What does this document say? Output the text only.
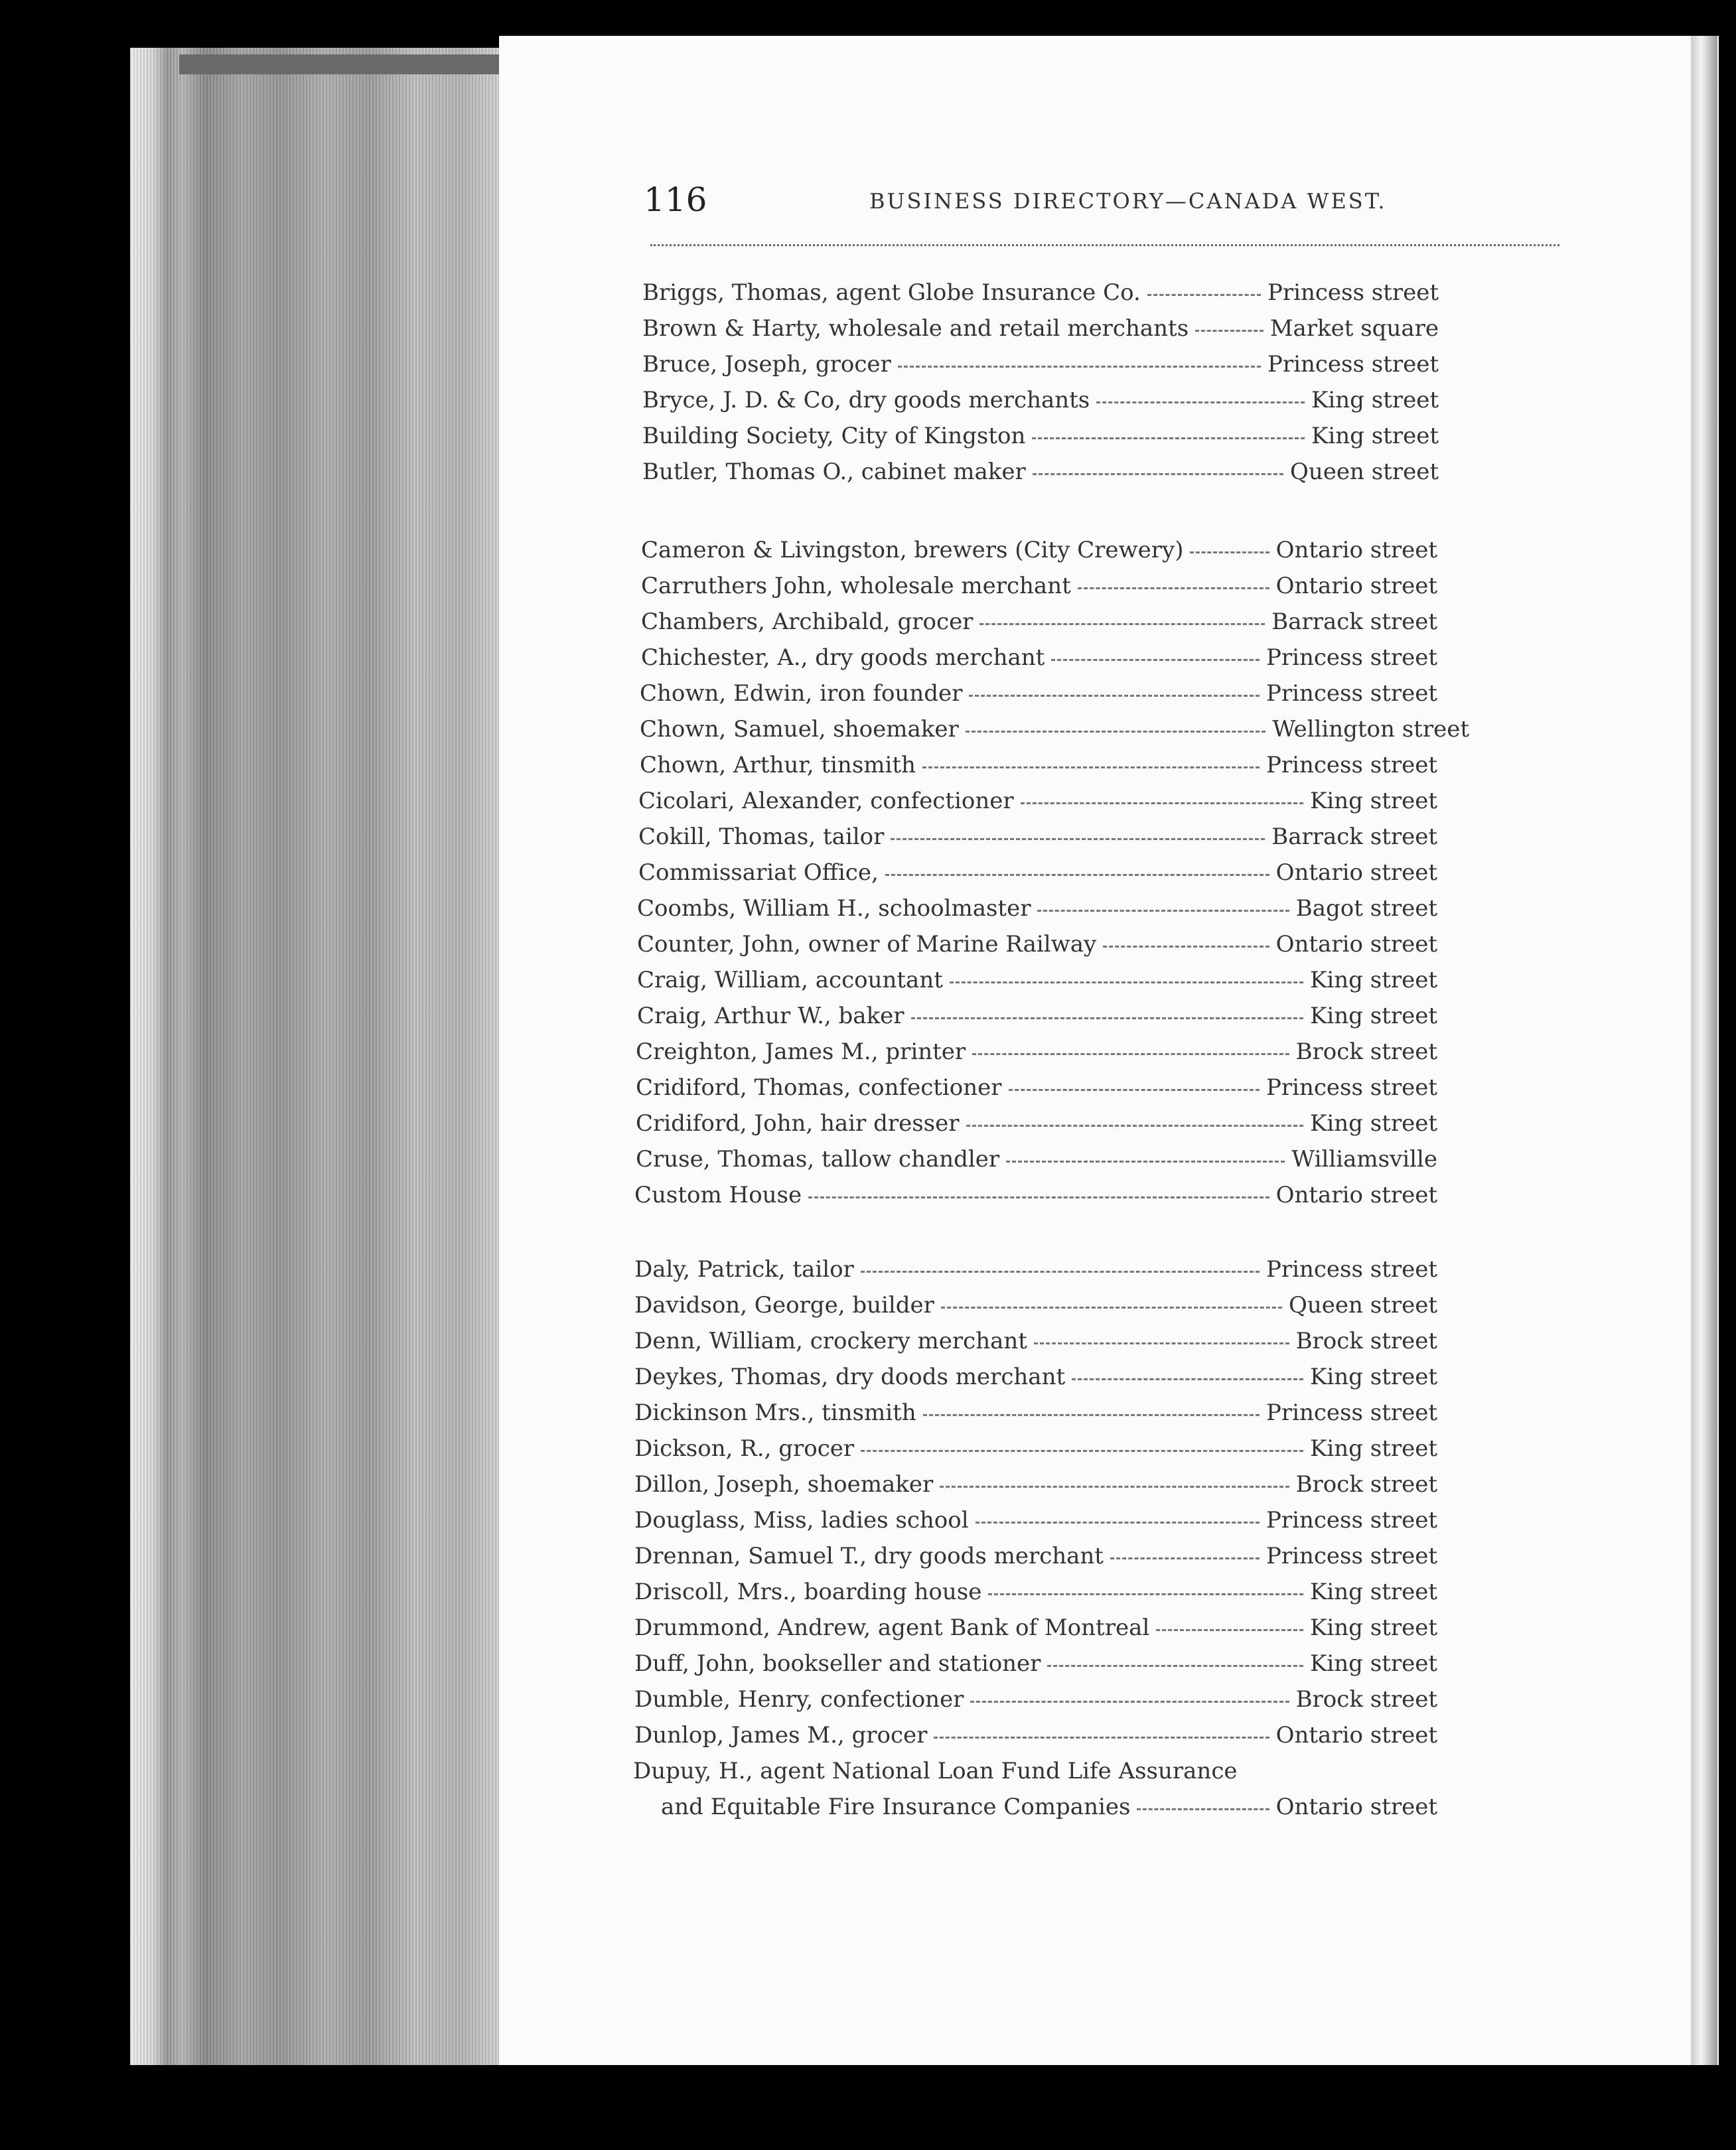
116	BUSINESS DIRECTORY—CANADA WEST.
Briggs, Thomas, agent Globe Insurance Co.	Princess street
Brown & Harty, wholesale and retail merchants	Market square
Bruce, Joseph, grocer	Princess street
Bryce, J. D. & Co, dry goods merchants	King street
Building Society, City of Kingston	King street
Butler, Thomas O., cabinet maker	Queen street
Cameron & Livingston, brewers (City Crewery)	Ontario street
Carruthers John, wholesale merchant	Ontario street
Chambers, Archibald, grocer	Barrack street
Chichester, A., dry goods merchant	Princess street
Chown, Edwin, iron founder	Princess street
Chown, Samuel, shoemaker	Wellington street
Chown, Arthur, tinsmith	Princess street
Cicolari, Alexander, confectioner	King street
Cokill, Thomas, tailor	Barrack street
Commissariat Office,	Ontario street
Coombs, William H., schoolmaster	Bagot street
Counter, John, owner of Marine Railway	Ontario street
Craig, William, accountant	King street
Craig, Arthur W., baker	King street
Creighton, James M., printer	Brock street
Cridiford, Thomas, confectioner	Princess street
Cridiford, John, hair dresser	King street
Cruse, Thomas, tallow chandler	Williamsville
Custom House	Ontario street
Daly, Patrick, tailor	Princess street
Davidson, George, builder	Queen street
Denn, William, crockery merchant	Brock street
Deykes, Thomas, dry doods merchant	King street
Dickinson Mrs., tinsmith	Princess street
Dickson, R., grocer	King street
Dillon, Joseph, shoemaker	Brock street
Douglass, Miss, ladies school	Princess street
Drennan, Samuel T., dry goods merchant	Princess street
Driscoll, Mrs., boarding house	King street
Drummond, Andrew, agent Bank of Montreal	King street
Duff, John, bookseller and stationer	King street
Dumble, Henry, confectioner	Brock street
Dunlop, James M., grocer	Ontario street
Dupuy, H., agent National Loan Fund Life Assurance
and Equitable Fire Insurance Companies	Ontario street
